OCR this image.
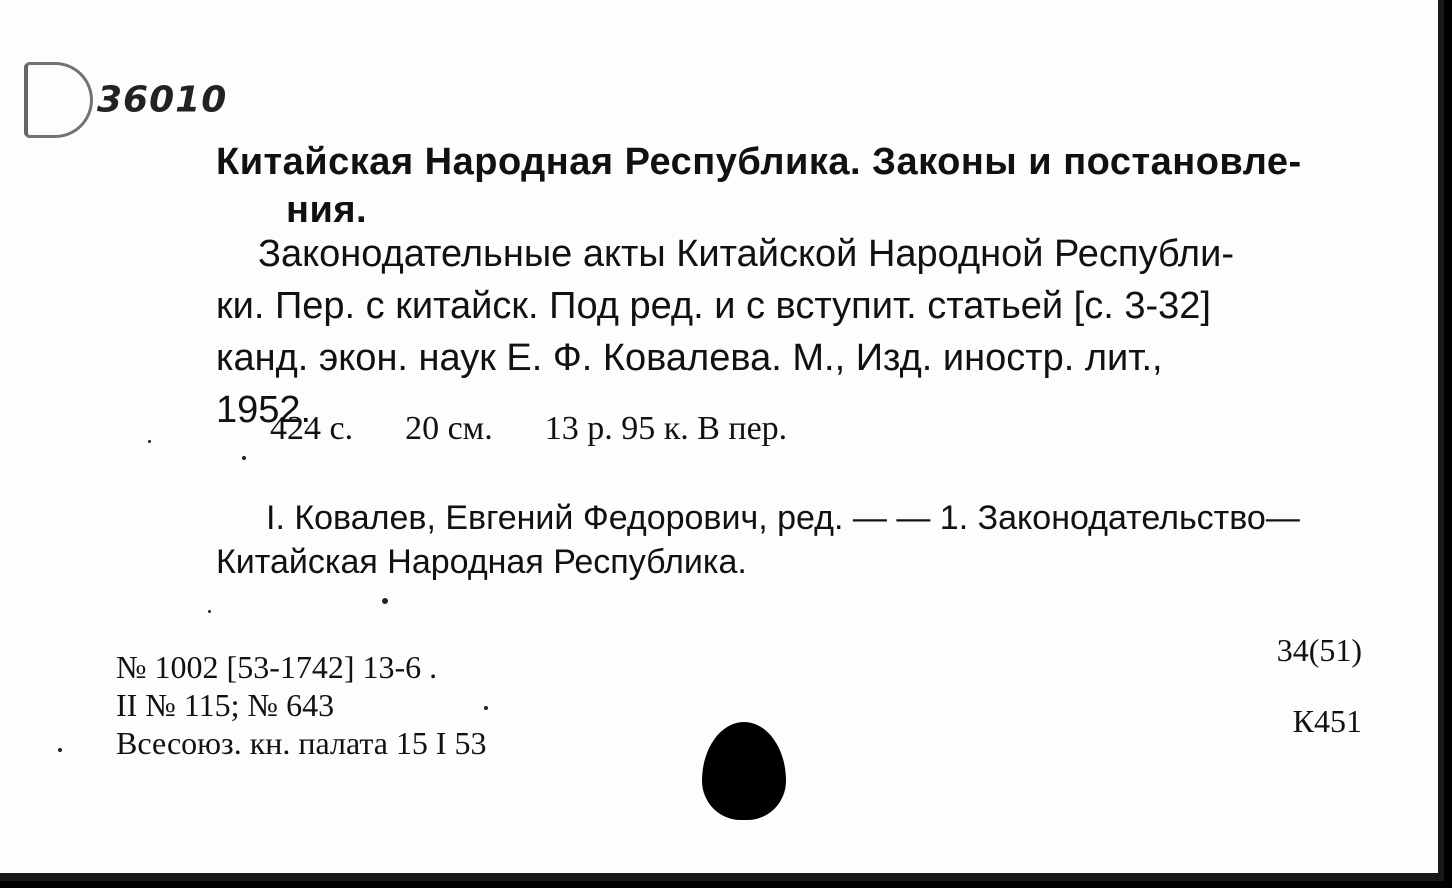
36010
Китайская Народная Республика. Законы и постановле-
ния.
Законодательные акты Китайской Народной Республи-
ки. Пер. с китайск. Под ред. и с вступит. статьей [с. 3-32]
канд. экон. наук Е. Ф. Ковалева. М., Изд. иностр. лит.,
1952.
424 с. 20 см. 13 р. 95 к. В пер.
I. Ковалев, Евгений Федорович, ред. — — 1. Законодательство—
Китайская Народная Республика.
№ 1002 [53-1742] 13-6 .
II № 115; № 643
Всесоюз. кн. палата 15 I 53
34(51)
К451
